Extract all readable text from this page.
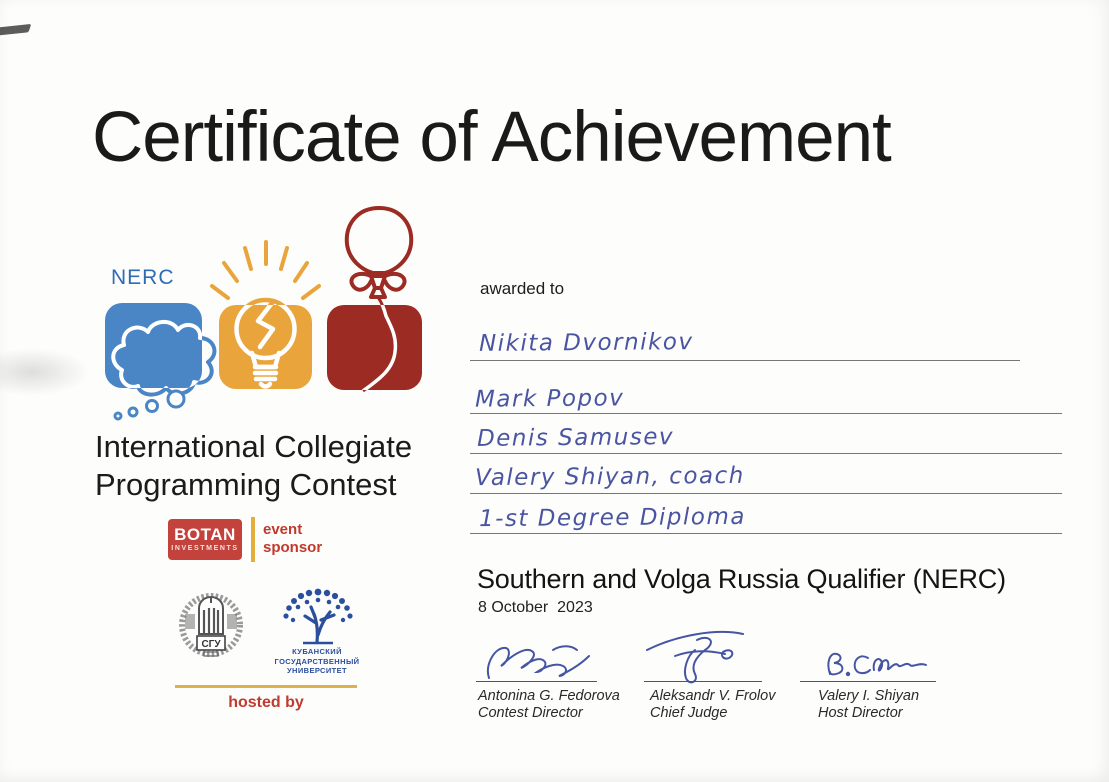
Certificate of Achievement
NERC
International Collegiate
Programming Contest
BOTAN
INVESTMENTS
event
sponsor
СГУ
КУБАНСКИЙ
ГОСУДАРСТВЕННЫЙ
УНИВЕРСИТЕТ
hosted by
awarded to
Nikita Dvornikov
Mark Popov
Denis Samusev
Valery Shiyan, coach
1-st Degree Diploma
Southern and Volga Russia Qualifier (NERC)
8 October  2023
Antonina G. Fedorova
Contest Director
Aleksandr V. Frolov
Chief Judge
Valery I. Shiyan
Host Director
